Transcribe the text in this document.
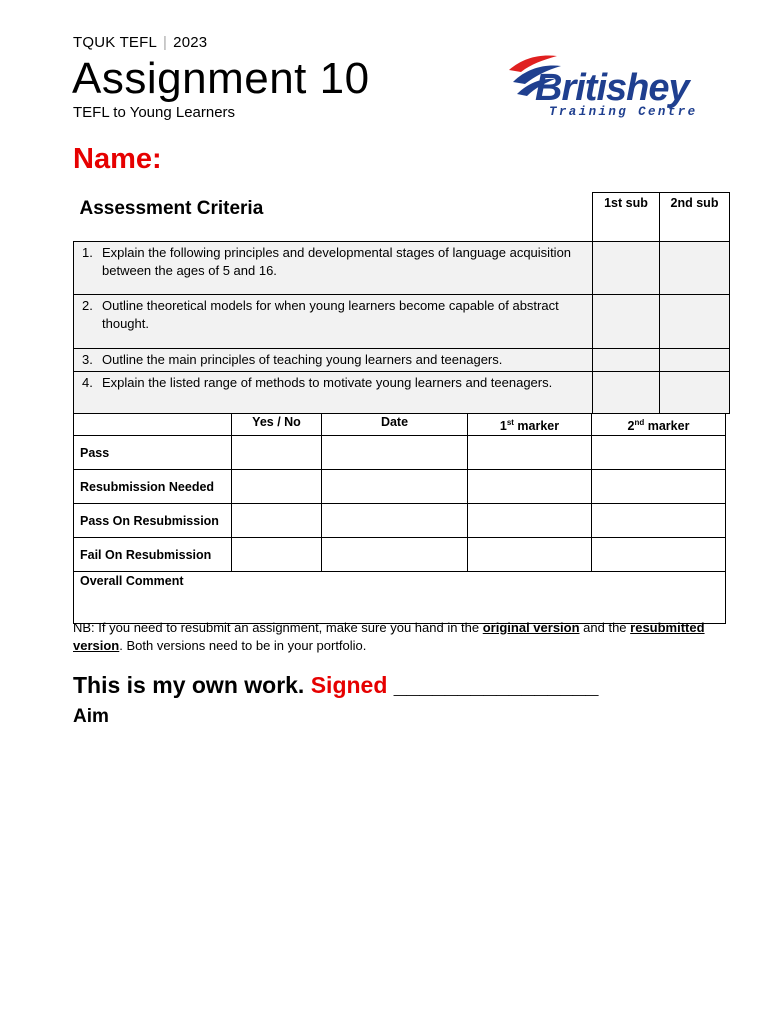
TQUK TEFL | 2023
Assignment 10
TEFL to Young Learners
Britishey
Training Centre
Name:
Assessment Criteria	1st sub	2nd sub

1. Explain the following principles and developmental stages of language acquisition between the ages of 5 and 16.		

2. Outline theoretical models for when young learners become capable of abstract thought.		

3. Outline the main principles of teaching young learners and teenagers.		

4. Explain the listed range of methods to motivate young learners and teenagers.		

	Yes / No	Date	1st marker	2nd marker
Pass				
Resubmission Needed				
Pass On Resubmission				
Fail On Resubmission				
Overall Comment				
NB: If you need to resubmit an assignment, make sure you hand in the original version and the resubmitted version. Both versions need to be in your portfolio.
This is my own work. Signed ________________
Aim
